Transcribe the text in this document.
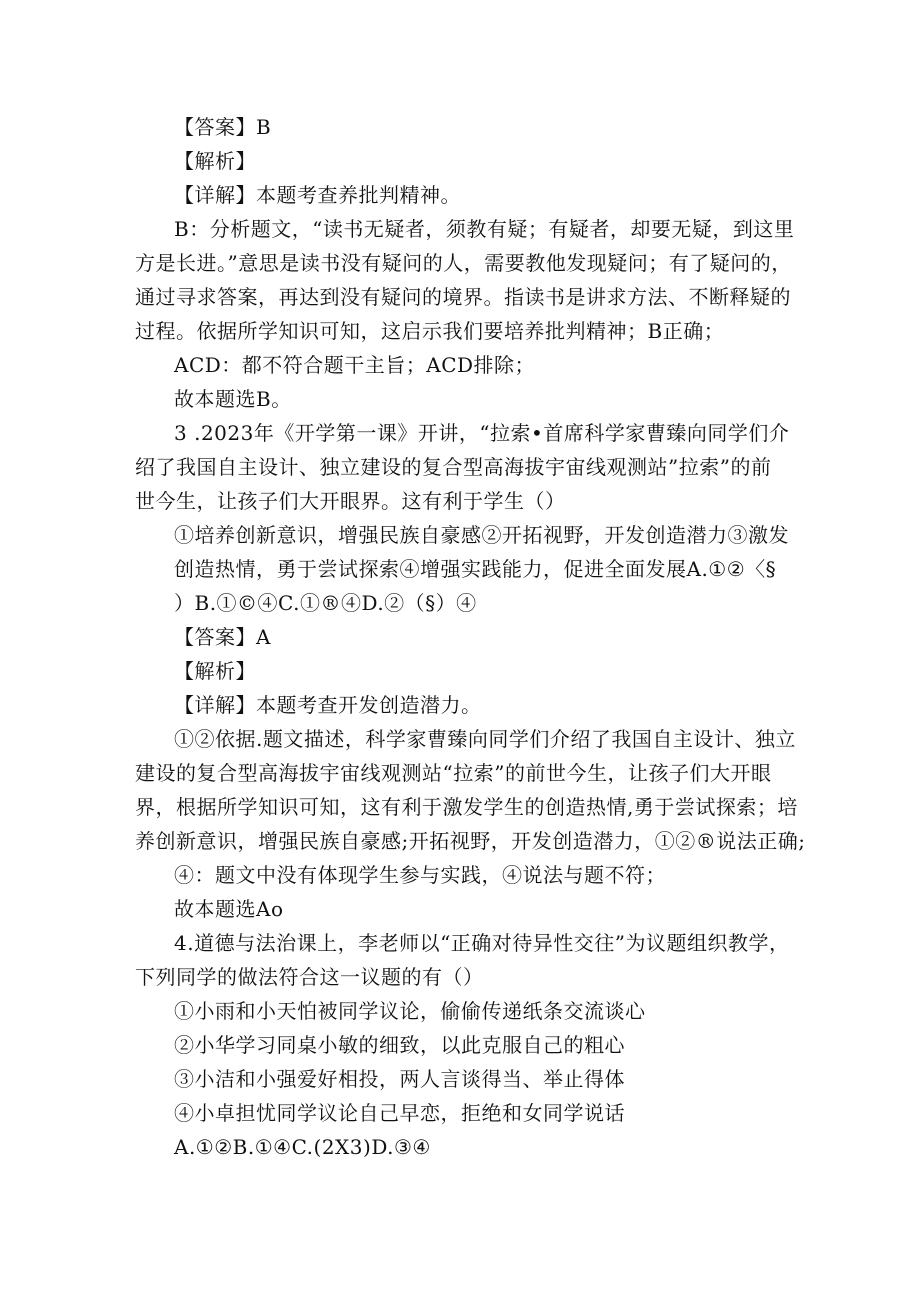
【答案】B
【解析】
【详解】本题考查养批判精神。
B：分析题文，“读书无疑者，须教有疑；有疑者，却要无疑，到这里
方是长进。”意思是读书没有疑问的人，需要教他发现疑问；有了疑问的，
通过寻求答案，再达到没有疑问的境界。指读书是讲求方法、不断释疑的
过程。依据所学知识可知，这启示我们要培养批判精神；B正确；
ACD：都不符合题干主旨；ACD排除；
故本题选B。
3 .2023年《开学第一课》开讲，“拉索•首席科学家曹臻向同学们介
绍了我国自主设计、独立建设的复合型高海拔宇宙线观测站”拉索”的前
世今生，让孩子们大开眼界。这有利于学生（）
①培养创新意识，增强民族自豪感②开拓视野，开发创造潜力③激发
创造热情，勇于尝试探索④增强实践能力，促进全面发展A.①②〈§
）B.①©④C.①®④D.②（§）④
【答案】A
【解析】
【详解】本题考查开发创造潜力。
①②依据.题文描述，科学家曹臻向同学们介绍了我国自主设计、独立
建设的复合型高海拔宇宙线观测站“拉索”的前世今生，让孩子们大开眼
界，根据所学知识可知，这有利于激发学生的创造热情,勇于尝试探索；培
养创新意识，增强民族自豪感;开拓视野，开发创造潜力，①②®说法正确;
④：题文中没有体现学生参与实践，④说法与题不符；
故本题选Ao
4.道德与法治课上，李老师以“正确对待异性交往”为议题组织教学，
下列同学的做法符合这一议题的有（）
①小雨和小天怕被同学议论，偷偷传递纸条交流谈心
②小华学习同桌小敏的细致，以此克服自己的粗心
③小洁和小强爱好相投，两人言谈得当、举止得体
④小卓担忧同学议论自己早恋，拒绝和女同学说话
A.①②B.①④C.(2X3)D.③④
